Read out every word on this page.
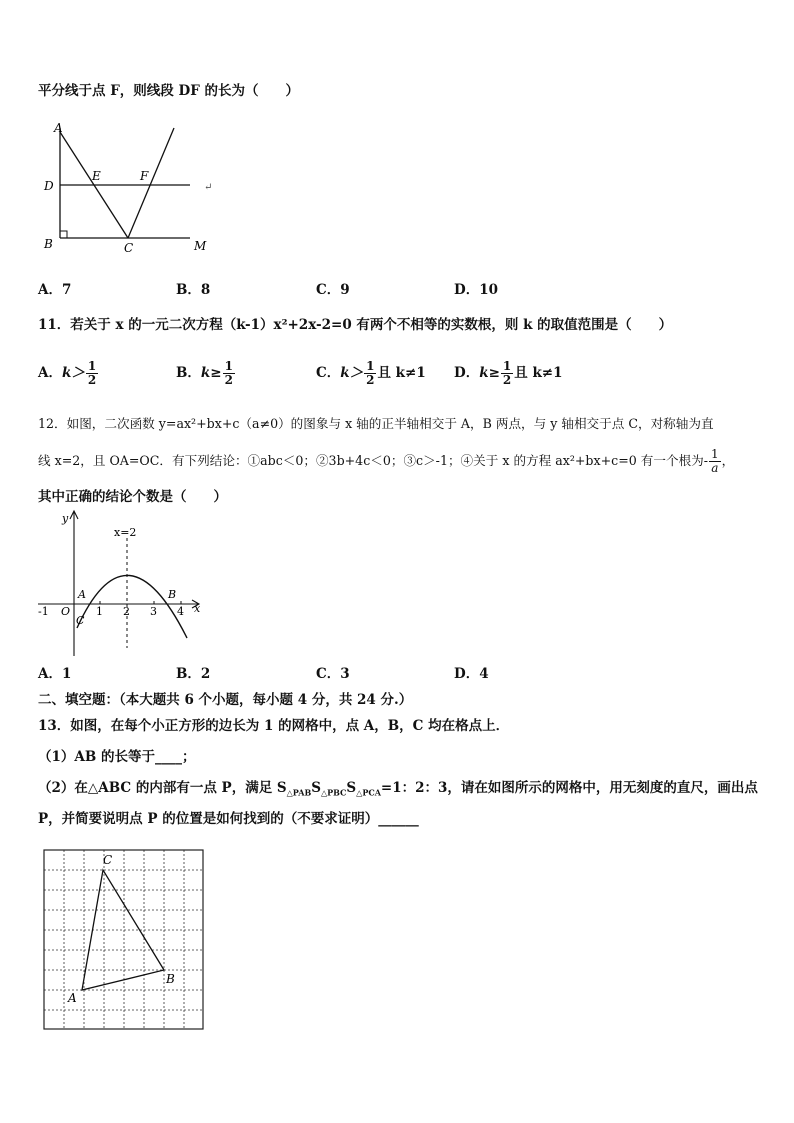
平分线于点 F，则线段 DF 的长为（　　）
A
D
B	C
E	F
M
↵
A．7	B．8	C．9	D．10
11．若关于 x 的一元二次方程（k-1）x²+2x-2=0 有两个不相等的实数根，则 k 的取值范围是（　　）
A．$k> \frac{1}{2}$	B．$k\ge \frac{1}{2}$	C．$k> \frac{1}{2}$ 且 k≠1 D．$k\ge \frac{1}{2}$ 且 k≠1
12．如图，二次函数 y=ax²+bx+c（a≠0）的图象与 x 轴的正半轴相交于 A，B 两点，与 y 轴相交于点 C，对称轴为直
线 x=2，且 OA=OC．有下列结论：①abc＜0；②3b+4c＜0；③c＞-1；④关于 x 的方程 ax²+bx+c=0 有一个根为- $\frac{1}{a}$ ，
其中正确的结论个数是（　　）
y
x
x=2
A	B
C
O
-1	1 2 3 4
A．1	B．2	C．3	D．4
二、填空题：（本大题共 6 个小题，每小题 4 分，共 24 分.）
13．如图，在每个小正方形的边长为 1 的网格中，点 A，B，C 均在格点上．
（1）AB 的长等于____；
（2）在△ABC 的内部有一点 P，满足 $S_{\triangle PAB}S_{\triangle PBC}S_{\triangle PCA}=1$：2：3，请在如图所示的网格中，用无刻度的直尺，画出点
P，并简要说明点 P 的位置是如何找到的（不要求证明）______
C
B
A
